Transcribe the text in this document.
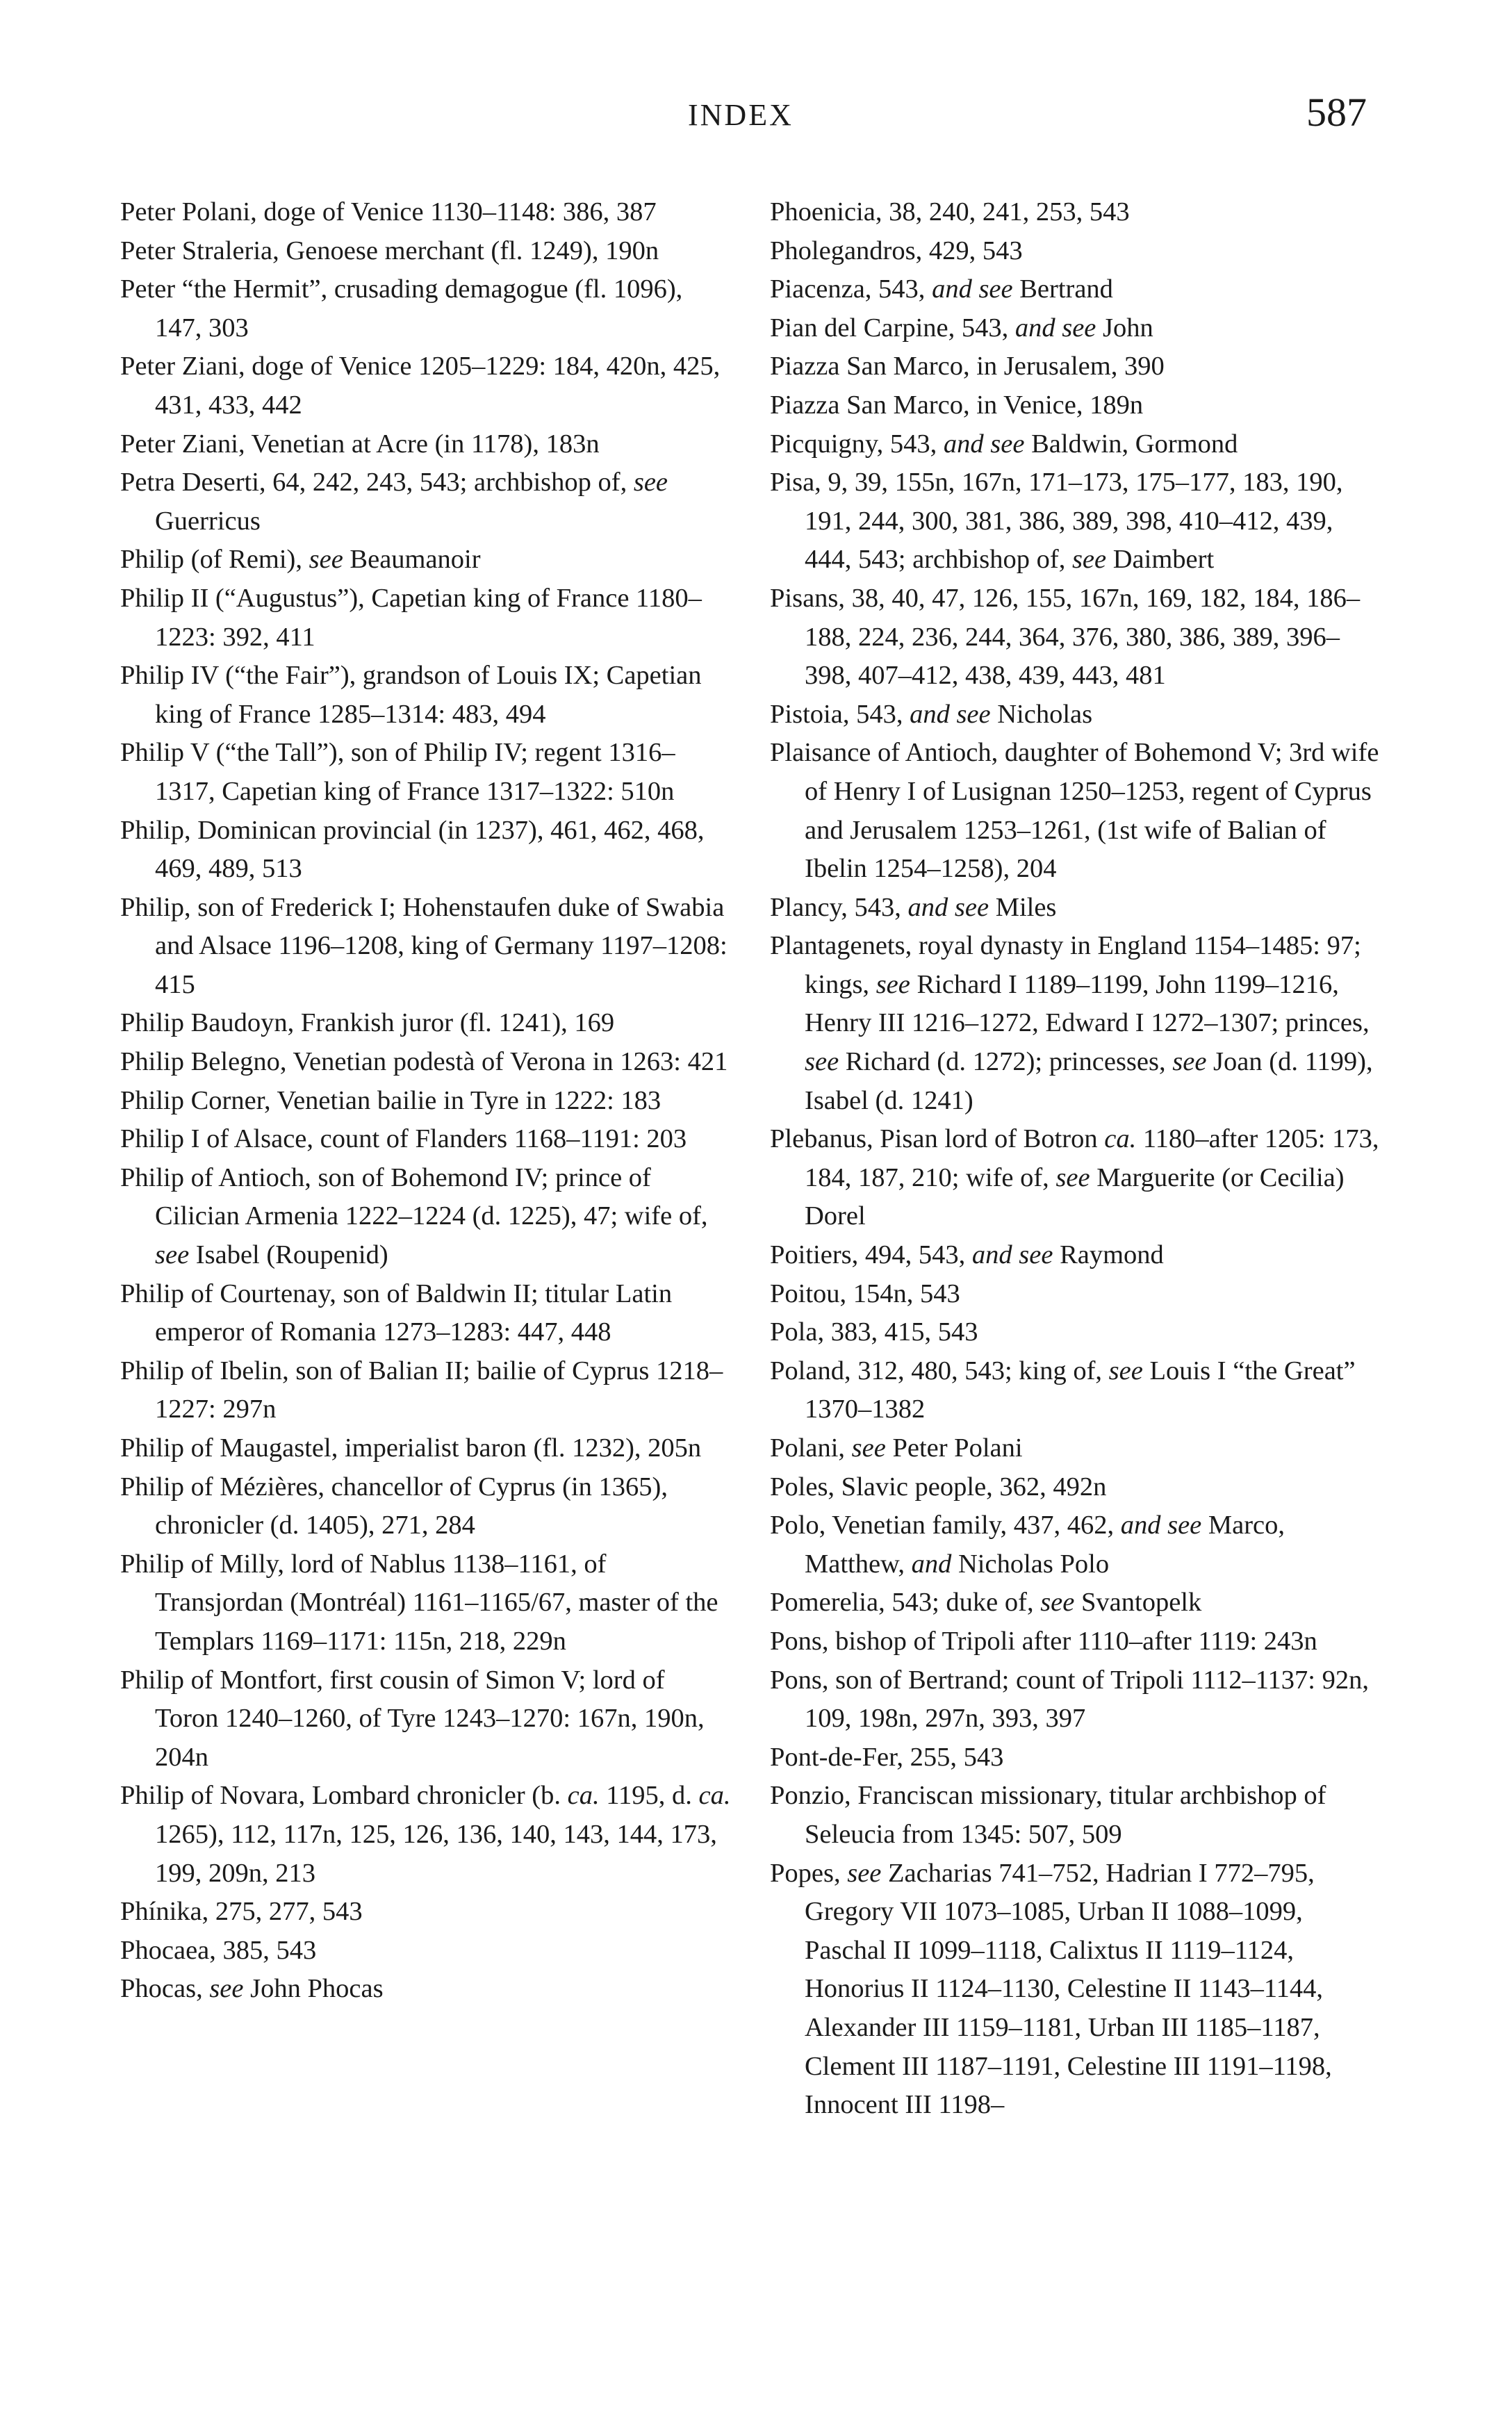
INDEX	587
Peter Polani, doge of Venice 1130–1148: 386, 387
Peter Straleria, Genoese merchant (fl. 1249), 190n
Peter “the Hermit”, crusading demagogue (fl. 1096), 147, 303
Peter Ziani, doge of Venice 1205–1229: 184, 420n, 425, 431, 433, 442
Peter Ziani, Venetian at Acre (in 1178), 183n
Petra Deserti, 64, 242, 243, 543; archbishop of, see Guerricus
Philip (of Remi), see Beaumanoir
Philip II (“Augustus”), Capetian king of France 1180–1223: 392, 411
Philip IV (“the Fair”), grandson of Louis IX; Capetian king of France 1285–1314: 483, 494
Philip V (“the Tall”), son of Philip IV; regent 1316–1317, Capetian king of France 1317–1322: 510n
Philip, Dominican provincial (in 1237), 461, 462, 468, 469, 489, 513
Philip, son of Frederick I; Hohenstaufen duke of Swabia and Alsace 1196–1208, king of Germany 1197–1208: 415
Philip Baudoyn, Frankish juror (fl. 1241), 169
Philip Belegno, Venetian podestà of Verona in 1263: 421
Philip Corner, Venetian bailie in Tyre in 1222: 183
Philip I of Alsace, count of Flanders 1168–1191: 203
Philip of Antioch, son of Bohemond IV; prince of Cilician Armenia 1222–1224 (d. 1225), 47; wife of, see Isabel (Roupenid)
Philip of Courtenay, son of Baldwin II; titular Latin emperor of Romania 1273–1283: 447, 448
Philip of Ibelin, son of Balian II; bailie of Cyprus 1218–1227: 297n
Philip of Maugastel, imperialist baron (fl. 1232), 205n
Philip of Mézières, chancellor of Cyprus (in 1365), chronicler (d. 1405), 271, 284
Philip of Milly, lord of Nablus 1138–1161, of Transjordan (Montréal) 1161–1165/67, master of the Templars 1169–1171: 115n, 218, 229n
Philip of Montfort, first cousin of Simon V; lord of Toron 1240–1260, of Tyre 1243–1270: 167n, 190n, 204n
Philip of Novara, Lombard chronicler (b. ca. 1195, d. ca. 1265), 112, 117n, 125, 126, 136, 140, 143, 144, 173, 199, 209n, 213
Phínika, 275, 277, 543
Phocaea, 385, 543
Phocas, see John Phocas
Phoenicia, 38, 240, 241, 253, 543
Pholegandros, 429, 543
Piacenza, 543, and see Bertrand
Pian del Carpine, 543, and see John
Piazza San Marco, in Jerusalem, 390
Piazza San Marco, in Venice, 189n
Picquigny, 543, and see Baldwin, Gormond
Pisa, 9, 39, 155n, 167n, 171–173, 175–177, 183, 190, 191, 244, 300, 381, 386, 389, 398, 410–412, 439, 444, 543; archbishop of, see Daimbert
Pisans, 38, 40, 47, 126, 155, 167n, 169, 182, 184, 186–188, 224, 236, 244, 364, 376, 380, 386, 389, 396–398, 407–412, 438, 439, 443, 481
Pistoia, 543, and see Nicholas
Plaisance of Antioch, daughter of Bohemond V; 3rd wife of Henry I of Lusignan 1250–1253, regent of Cyprus and Jerusalem 1253–1261, (1st wife of Balian of Ibelin 1254–1258), 204
Plancy, 543, and see Miles
Plantagenets, royal dynasty in England 1154–1485: 97; kings, see Richard I 1189–1199, John 1199–1216, Henry III 1216–1272, Edward I 1272–1307; princes, see Richard (d. 1272); princesses, see Joan (d. 1199), Isabel (d. 1241)
Plebanus, Pisan lord of Botron ca. 1180–after 1205: 173, 184, 187, 210; wife of, see Marguerite (or Cecilia) Dorel
Poitiers, 494, 543, and see Raymond
Poitou, 154n, 543
Pola, 383, 415, 543
Poland, 312, 480, 543; king of, see Louis I “the Great” 1370–1382
Polani, see Peter Polani
Poles, Slavic people, 362, 492n
Polo, Venetian family, 437, 462, and see Marco, Matthew, and Nicholas Polo
Pomerelia, 543; duke of, see Svantopelk
Pons, bishop of Tripoli after 1110–after 1119: 243n
Pons, son of Bertrand; count of Tripoli 1112–1137: 92n, 109, 198n, 297n, 393, 397
Pont-de-Fer, 255, 543
Ponzio, Franciscan missionary, titular archbishop of Seleucia from 1345: 507, 509
Popes, see Zacharias 741–752, Hadrian I 772–795, Gregory VII 1073–1085, Urban II 1088–1099, Paschal II 1099–1118, Calixtus II 1119–1124, Honorius II 1124–1130, Celestine II 1143–1144, Alexander III 1159–1181, Urban III 1185–1187, Clement III 1187–1191, Celestine III 1191–1198, Innocent III 1198–
